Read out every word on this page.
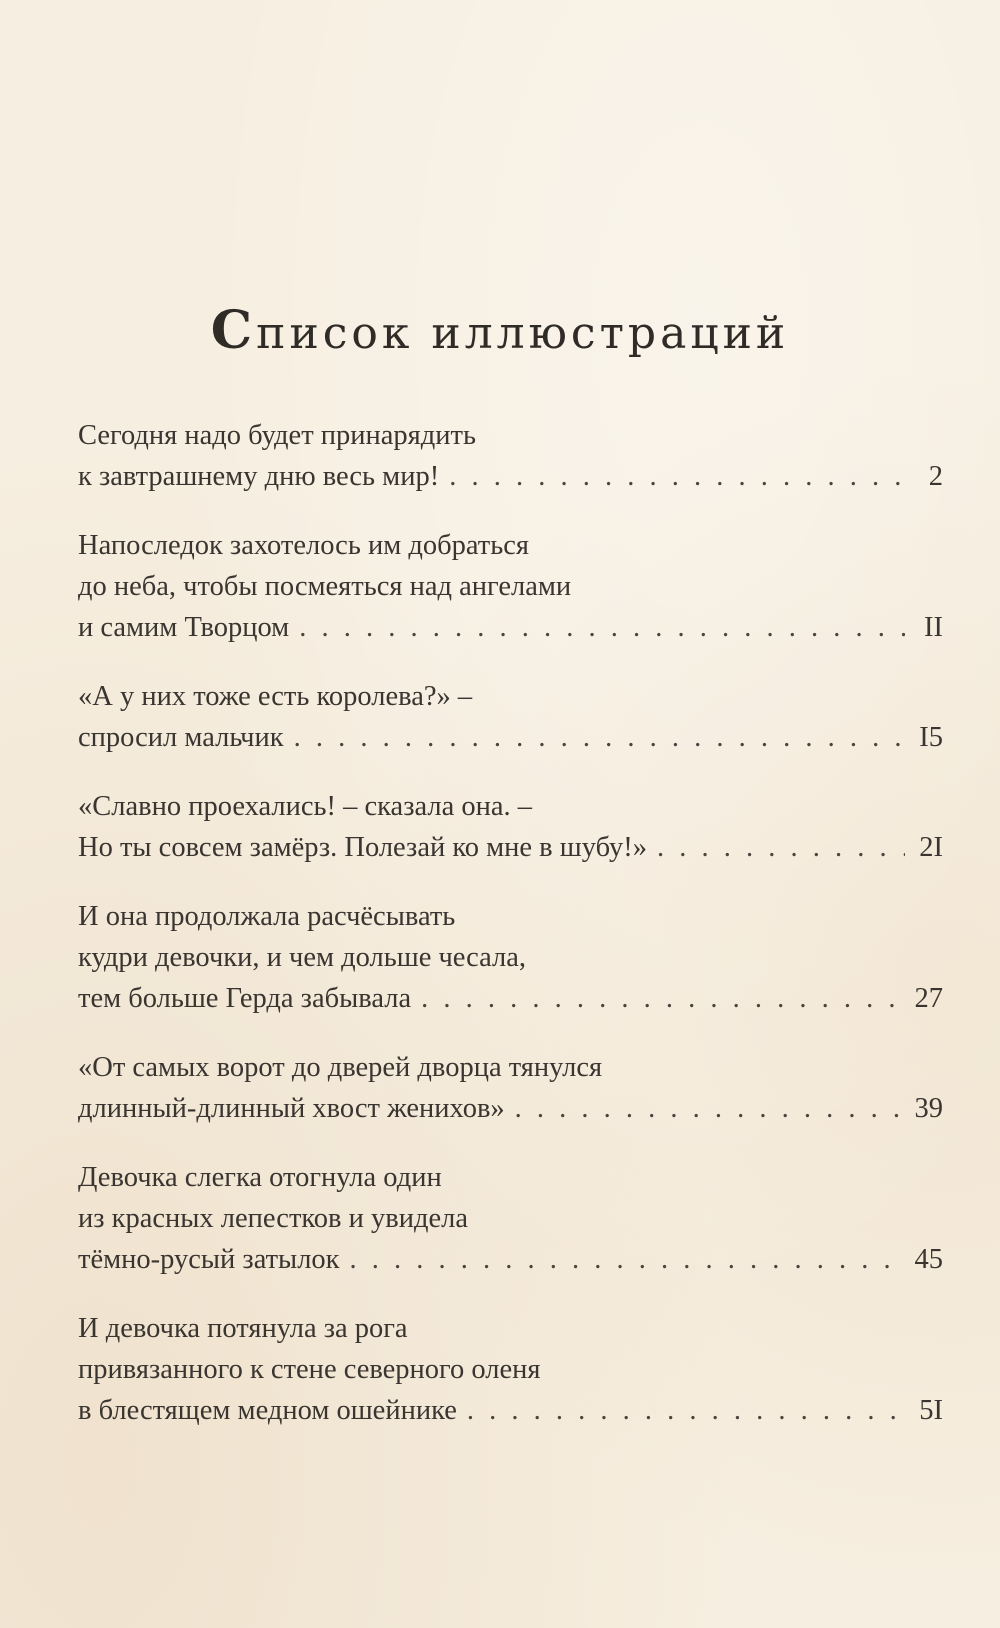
Список иллюстраций
Сегодня надо будет принарядить
к завтрашнему дню весь мир! . . .	2
Напоследок захотелось им добраться
до неба, чтобы посмеяться над ангелами
и самим Творцом . . .	II
«А у них тоже есть королева?» –
спросил мальчик . . .	I5
«Славно проехались! – сказала она. –
Но ты совсем замёрз. Полезай ко мне в шубу!» . . .	2I
И она продолжала расчёсывать
кудри девочки, и чем дольше чесала,
тем больше Герда забывала . . .	27
«От самых ворот до дверей дворца тянулся
длинный-длинный хвост женихов» . . .	39
Девочка слегка отогнула один
из красных лепестков и увидела
тёмно-русый затылок . . .	45
И девочка потянула за рога
привязанного к стене северного оленя
в блестящем медном ошейнике . . .	5I
